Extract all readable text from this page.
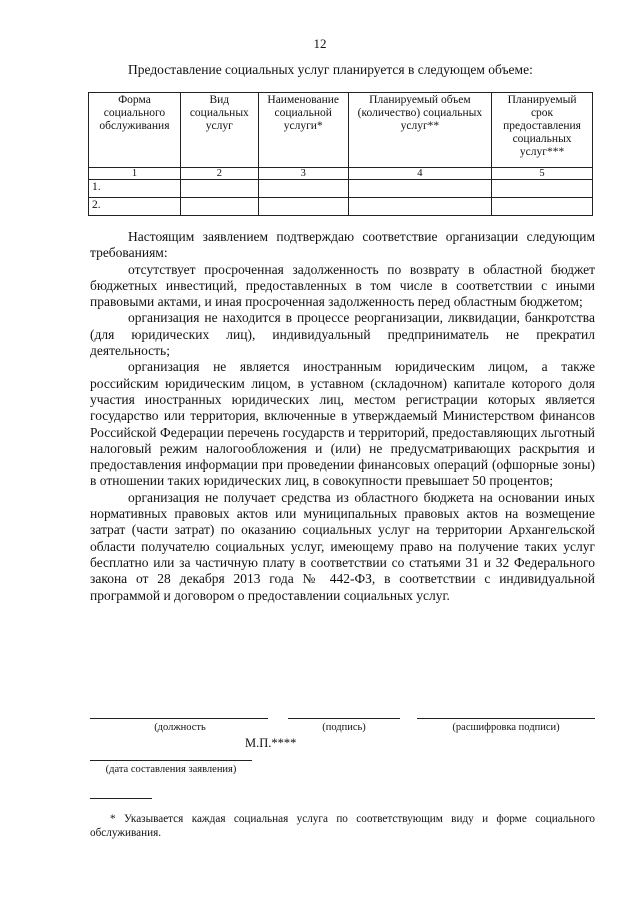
12
Предоставление социальных услуг планируется в следующем объеме:
Форма социального обслуживания	Вид социальных услуг	Наименование социальной услуги*	Планируемый объем (количество) социальных услуг**	Планируемый срок предоставления социальных услуг***
1	2	3	4	5
1.				
2.				

Настоящим заявлением подтверждаю соответствие организации следующим требованиям:

отсутствует просроченная задолженность по возврату в областной бюджет бюджетных инвестиций, предоставленных в том числе в соответствии с иными правовыми актами, и иная просроченная задолженность перед областным бюджетом;

организация не находится в процессе реорганизации, ликвидации, банкротства (для юридических лиц), индивидуальный предприниматель не прекратил деятельность;

организация не является иностранным юридическим лицом, а также российским юридическим лицом, в уставном (складочном) капитале которого доля участия иностранных юридических лиц, местом регистрации которых является государство или территория, включенные в утверждаемый Министерством финансов Российской Федерации перечень государств и территорий, предоставляющих льготный налоговый режим налогообложения и (или) не предусматривающих раскрытия и предоставления информации при проведении финансовых операций (офшорные зоны) в отношении таких юридических лиц, в совокупности превышает 50 процентов;

организация не получает средства из областного бюджета на основании иных нормативных правовых актов или муниципальных правовых актов на возмещение затрат (части затрат) по оказанию социальных услуг на территории Архангельской области получателю социальных услуг, имеющему право на получение таких услуг бесплатно или за частичную плату в соответствии со статьями 31 и 32 Федерального закона от 28 декабря 2013 года № 442-ФЗ, в соответствии с индивидуальной программой и договором о предоставлении социальных услуг.

(должность	(подпись)	(расшифровка подписи)
М.П.****
(дата составления заявления)
* Указывается каждая социальная услуга по соответствующим виду и форме социального обслуживания.
